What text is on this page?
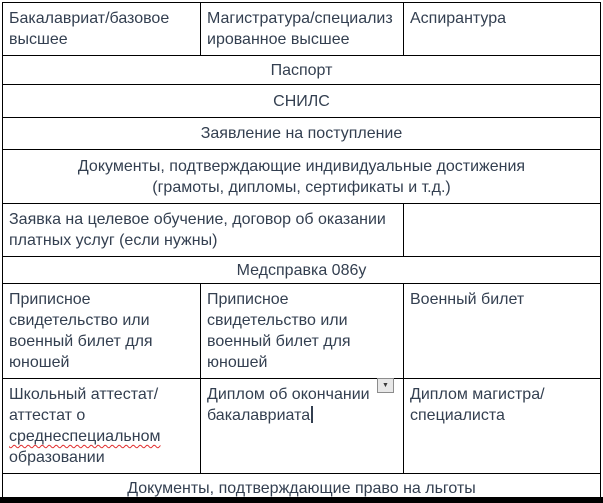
Бакалавриат/базовое высшее	Магистратура/специализированное высшее	Аспирантура
Паспорт		
СНИЛС		
Заявление на поступление		
Документы, подтверждающие индивидуальные достижения (грамоты, дипломы, сертификаты и т.д.)		
Заявка на целевое обучение, договор об оказании платных услуг (если нужны)		
Медсправка 086у		
Приписное свидетельство или военный билет для юношей	Приписное свидетельство или военный билет для юношей	Военный билет
Школьный аттестат/аттестат о среднеспециальном образовании	Диплом об окончании бакалавриата	Диплом магистра/специалиста
Документы, подтверждающие право на льготы		
▼
